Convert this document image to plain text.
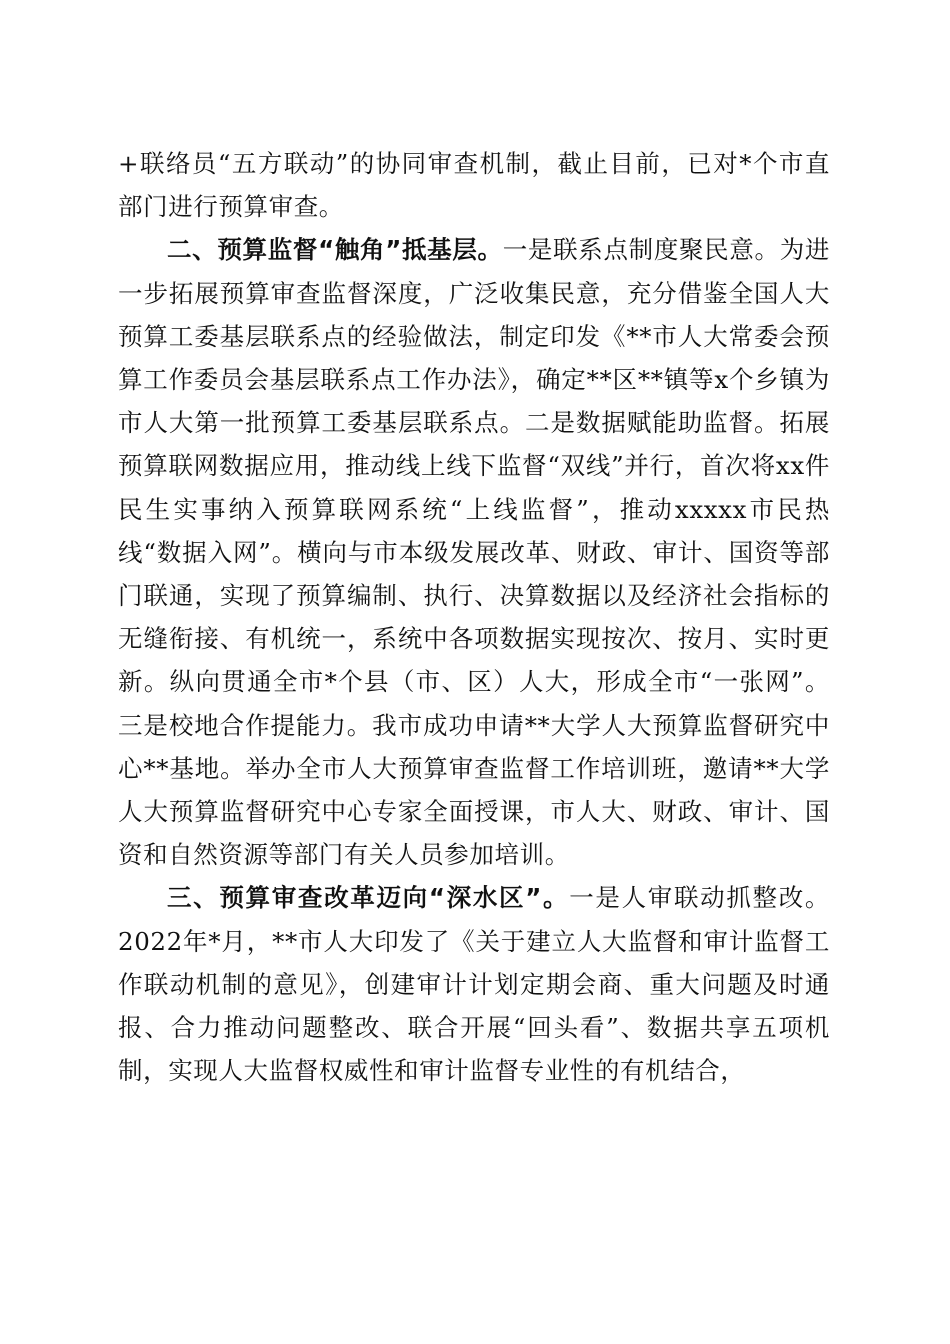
+联络员“五方联动”的协同审查机制，截止目前，已对*个市直部门进行预算审查。

二、预算监督“触角”抵基层。一是联系点制度聚民意。为进一步拓展预算审查监督深度，广泛收集民意，充分借鉴全国人大预算工委基层联系点的经验做法，制定印发《**市人大常委会预算工作委员会基层联系点工作办法》，确定**区**镇等x个乡镇为市人大第一批预算工委基层联系点。二是数据赋能助监督。拓展预算联网数据应用，推动线上线下监督“双线”并行，首次将xx件民生实事纳入预算联网系统“上线监督”，推动xxxxx市民热线“数据入网”。横向与市本级发展改革、财政、审计、国资等部门联通，实现了预算编制、执行、决算数据以及经济社会指标的无缝衔接、有机统一，系统中各项数据实现按次、按月、实时更新。纵向贯通全市*个县（市、区）人大，形成全市“一张网”。三是校地合作提能力。我市成功申请**大学人大预算监督研究中心**基地。举办全市人大预算审查监督工作培训班，邀请**大学人大预算监督研究中心专家全面授课，市人大、财政、审计、国资和自然资源等部门有关人员参加培训。

三、预算审查改革迈向“深水区”。一是人审联动抓整改。2022年*月，**市人大印发了《关于建立人大监督和审计监督工作联动机制的意见》，创建审计计划定期会商、重大问题及时通报、合力推动问题整改、联合开展“回头看”、数据共享五项机制，实现人大监督权威性和审计监督专业性的有机结合，
